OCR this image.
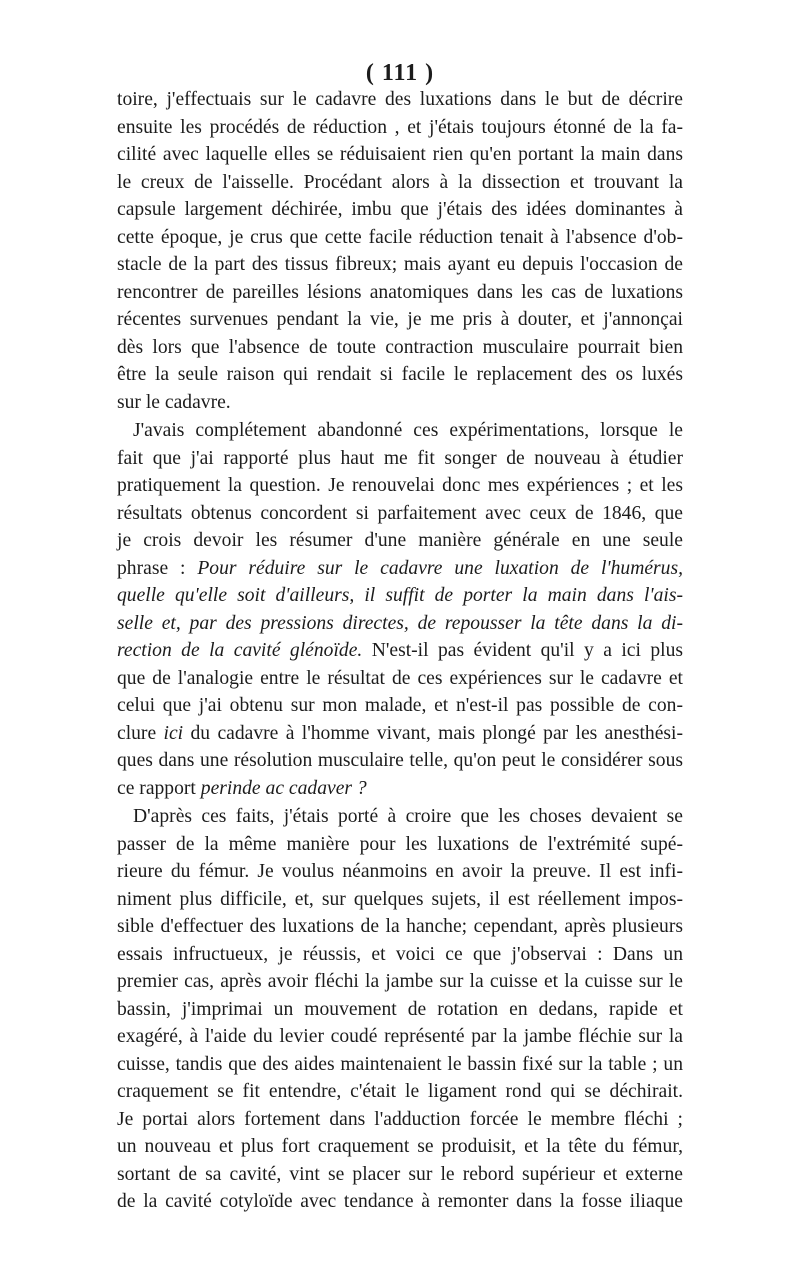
( 111 )
toire, j'effectuais sur le cadavre des luxations dans le but de décrire
ensuite les procédés de réduction , et j'étais toujours étonné de la fa-
cilité avec laquelle elles se réduisaient rien qu'en portant la main dans
le creux de l'aisselle. Procédant alors à la dissection et trouvant la
capsule largement déchirée, imbu que j'étais des idées dominantes à
cette époque, je crus que cette facile réduction tenait à l'absence d'ob-
stacle de la part des tissus fibreux; mais ayant eu depuis l'occasion de
rencontrer de pareilles lésions anatomiques dans les cas de luxations
récentes survenues pendant la vie, je me pris à douter, et j'annonçai
dès lors que l'absence de toute contraction musculaire pourrait bien
être la seule raison qui rendait si facile le replacement des os luxés
sur le cadavre.
J'avais complétement abandonné ces expérimentations, lorsque le
fait que j'ai rapporté plus haut me fit songer de nouveau à étudier
pratiquement la question. Je renouvelai donc mes expériences ; et les
résultats obtenus concordent si parfaitement avec ceux de 1846, que
je crois devoir les résumer d'une manière générale en une seule
phrase : Pour réduire sur le cadavre une luxation de l'humérus,
quelle qu'elle soit d'ailleurs, il suffit de porter la main dans l'ais-
selle et, par des pressions directes, de repousser la tête dans la di-
rection de la cavité glénoïde. N'est-il pas évident qu'il y a ici plus
que de l'analogie entre le résultat de ces expériences sur le cadavre et
celui que j'ai obtenu sur mon malade, et n'est-il pas possible de con-
clure ici du cadavre à l'homme vivant, mais plongé par les anesthési-
ques dans une résolution musculaire telle, qu'on peut le considérer sous
ce rapport perinde ac cadaver ?
D'après ces faits, j'étais porté à croire que les choses devaient se
passer de la même manière pour les luxations de l'extrémité supé-
rieure du fémur. Je voulus néanmoins en avoir la preuve. Il est infi-
niment plus difficile, et, sur quelques sujets, il est réellement impos-
sible d'effectuer des luxations de la hanche; cependant, après plusieurs
essais infructueux, je réussis, et voici ce que j'observai : Dans un
premier cas, après avoir fléchi la jambe sur la cuisse et la cuisse sur le
bassin, j'imprimai un mouvement de rotation en dedans, rapide et
exagéré, à l'aide du levier coudé représenté par la jambe fléchie sur la
cuisse, tandis que des aides maintenaient le bassin fixé sur la table ; un
craquement se fit entendre, c'était le ligament rond qui se déchirait.
Je portai alors fortement dans l'adduction forcée le membre fléchi ;
un nouveau et plus fort craquement se produisit, et la tête du fémur,
sortant de sa cavité, vint se placer sur le rebord supérieur et externe
de la cavité cotyloïde avec tendance à remonter dans la fosse iliaque
